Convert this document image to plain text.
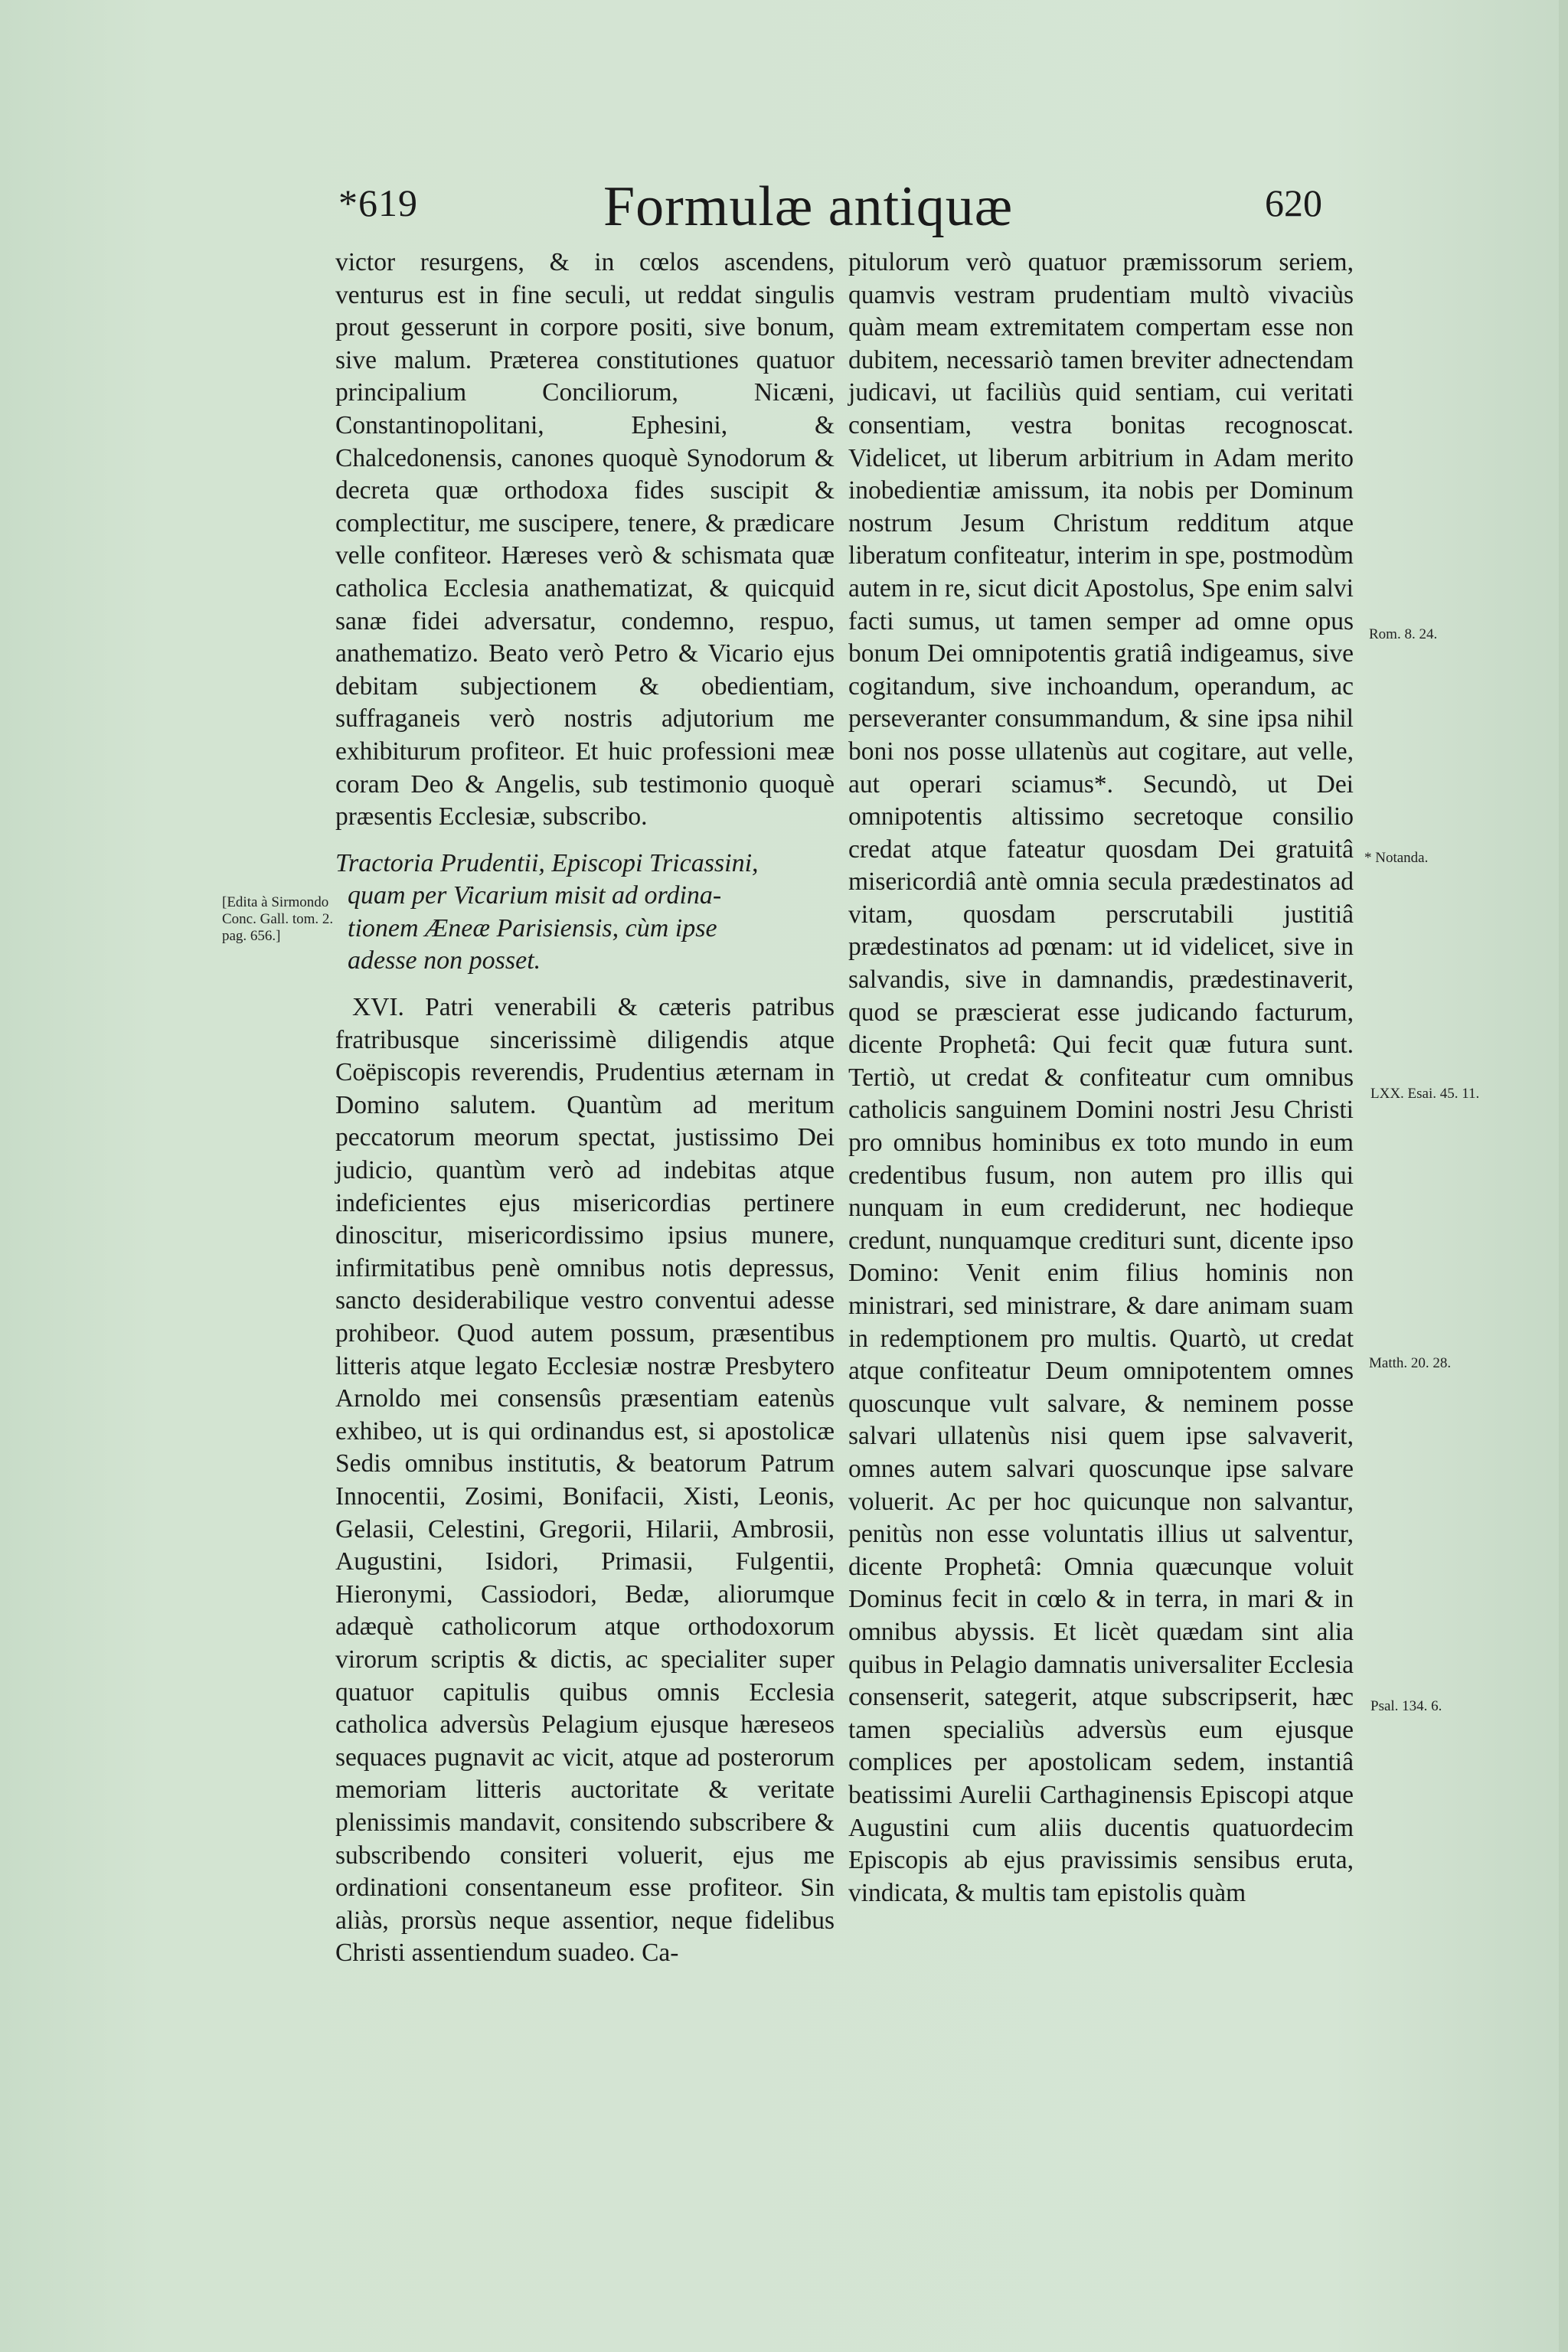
*619	Formulæ antiquæ	620

victor resurgens, & in cœlos ascendens, venturus est in fine seculi, ut reddat singulis prout gesserunt in corpore positi, sive bonum, sive malum. Præterea constitutiones quatuor principalium Conciliorum, Nicæni, Constantinopolitani, Ephesini, & Chalcedonensis, canones quoquè Synodorum & decreta quæ orthodoxa fides suscipit & complectitur, me suscipere, tenere, & prædicare velle confiteor. Hæreses verò & schismata quæ catholica Ecclesia anathematizat, & quicquid sanæ fidei adversatur, condemno, respuo, anathematizo. Beato verò Petro & Vicario ejus debitam subjectionem & obedientiam, suffraganeis verò nostris adjutorium me exhibiturum profiteor. Et huic professioni meæ coram Deo & Angelis, sub testimonio quoquè præsentis Ecclesiæ, subscribo.

Tractoria Prudentii, Episcopi Tricassini,
quam per Vicarium misit ad ordina-
tionem Æneæ Parisiensis, cùm ipse
adesse non posset.

XVI. Patri venerabili & cæteris patribus fratribusque sincerissimè diligendis atque Coëpiscopis reverendis, Prudentius æternam in Domino salutem. Quantùm ad meritum peccatorum meorum spectat, justissimo Dei judicio, quantùm verò ad indebitas atque indeficientes ejus misericordias pertinere dinoscitur, misericordissimo ipsius munere, infirmitatibus penè omnibus notis depressus, sancto desiderabilique vestro conventui adesse prohibeor. Quod autem possum, præsentibus litteris atque legato Ecclesiæ nostræ Presbytero Arnoldo mei consensûs præsentiam eatenùs exhibeo, ut is qui ordinandus est, si apostolicæ Sedis omnibus institutis, & beatorum Patrum Innocentii, Zosimi, Bonifacii, Xisti, Leonis, Gelasii, Celestini, Gregorii, Hilarii, Ambrosii, Augustini, Isidori, Primasii, Fulgentii, Hieronymi, Cassiodori, Bedæ, aliorumque adæquè catholicorum atque orthodoxorum virorum scriptis & dictis, ac specialiter super quatuor capitulis quibus omnis Ecclesia catholica adversùs Pelagium ejusque hæreseos sequaces pugnavit ac vicit, atque ad posterorum memoriam litteris auctoritate & veritate plenissimis mandavit, consitendo subscribere & subscribendo consiteri voluerit, ejus me ordinationi consentaneum esse profiteor. Sin aliàs, prorsùs neque assentior, neque fidelibus Christi assentiendum suadeo. Ca-

pitulorum verò quatuor præmissorum seriem, quamvis vestram prudentiam multò vivaciùs quàm meam extremitatem compertam esse non dubitem, necessariò tamen breviter adnectendam judicavi, ut faciliùs quid sentiam, cui veritati consentiam, vestra bonitas recognoscat. Videlicet, ut liberum arbitrium in Adam merito inobedientiæ amissum, ita nobis per Dominum nostrum Jesum Christum redditum atque liberatum confiteatur, interim in spe, postmodùm autem in re, sicut dicit Apostolus, Spe enim salvi facti sumus, ut tamen semper ad omne opus bonum Dei omnipotentis gratiâ indigeamus, sive cogitandum, sive inchoandum, operandum, ac perseveranter consummandum, & sine ipsa nihil boni nos posse ullatenùs aut cogitare, aut velle, aut operari sciamus*. Secundò, ut Dei omnipotentis altissimo secretoque consilio credat atque fateatur quosdam Dei gratuitâ misericordiâ antè omnia secula prædestinatos ad vitam, quosdam perscrutabili justitiâ prædestinatos ad pœnam: ut id videlicet, sive in salvandis, sive in damnandis, prædestinaverit, quod se præscierat esse judicando facturum, dicente Prophetâ: Qui fecit quæ futura sunt. Tertiò, ut credat & confiteatur cum omnibus catholicis sanguinem Domini nostri Jesu Christi pro omnibus hominibus ex toto mundo in eum credentibus fusum, non autem pro illis qui nunquam in eum crediderunt, nec hodieque credunt, nunquamque credituri sunt, dicente ipso Domino: Venit enim filius hominis non ministrari, sed ministrare, & dare animam suam in redemptionem pro multis. Quartò, ut credat atque confiteatur Deum omnipotentem omnes quoscunque vult salvare, & neminem posse salvari ullatenùs nisi quem ipse salvaverit, omnes autem salvari quoscunque ipse salvare voluerit. Ac per hoc quicunque non salvantur, penitùs non esse voluntatis illius ut salventur, dicente Prophetâ: Omnia quæcunque voluit Dominus fecit in cœlo & in terra, in mari & in omnibus abyssis. Et licèt quædam sint alia quibus in Pelagio damnatis universaliter Ecclesia consenserit, sategerit, atque subscripserit, hæc tamen specialiùs adversùs eum ejusque complices per apostolicam sedem, instantiâ beatissimi Aurelii Carthaginensis Episcopi atque Augustini cum aliis ducentis quatuordecim Episcopis ab ejus pravissimis sensibus eruta, vindicata, & multis tam epistolis quàm

[Edita à Sirmondo Conc. Gall. tom. 2. pag. 656.]
Rom. 8. 24.
* Notanda.
LXX. Esai. 45. 11.
Matth. 20. 28.
Psal. 134. 6.
